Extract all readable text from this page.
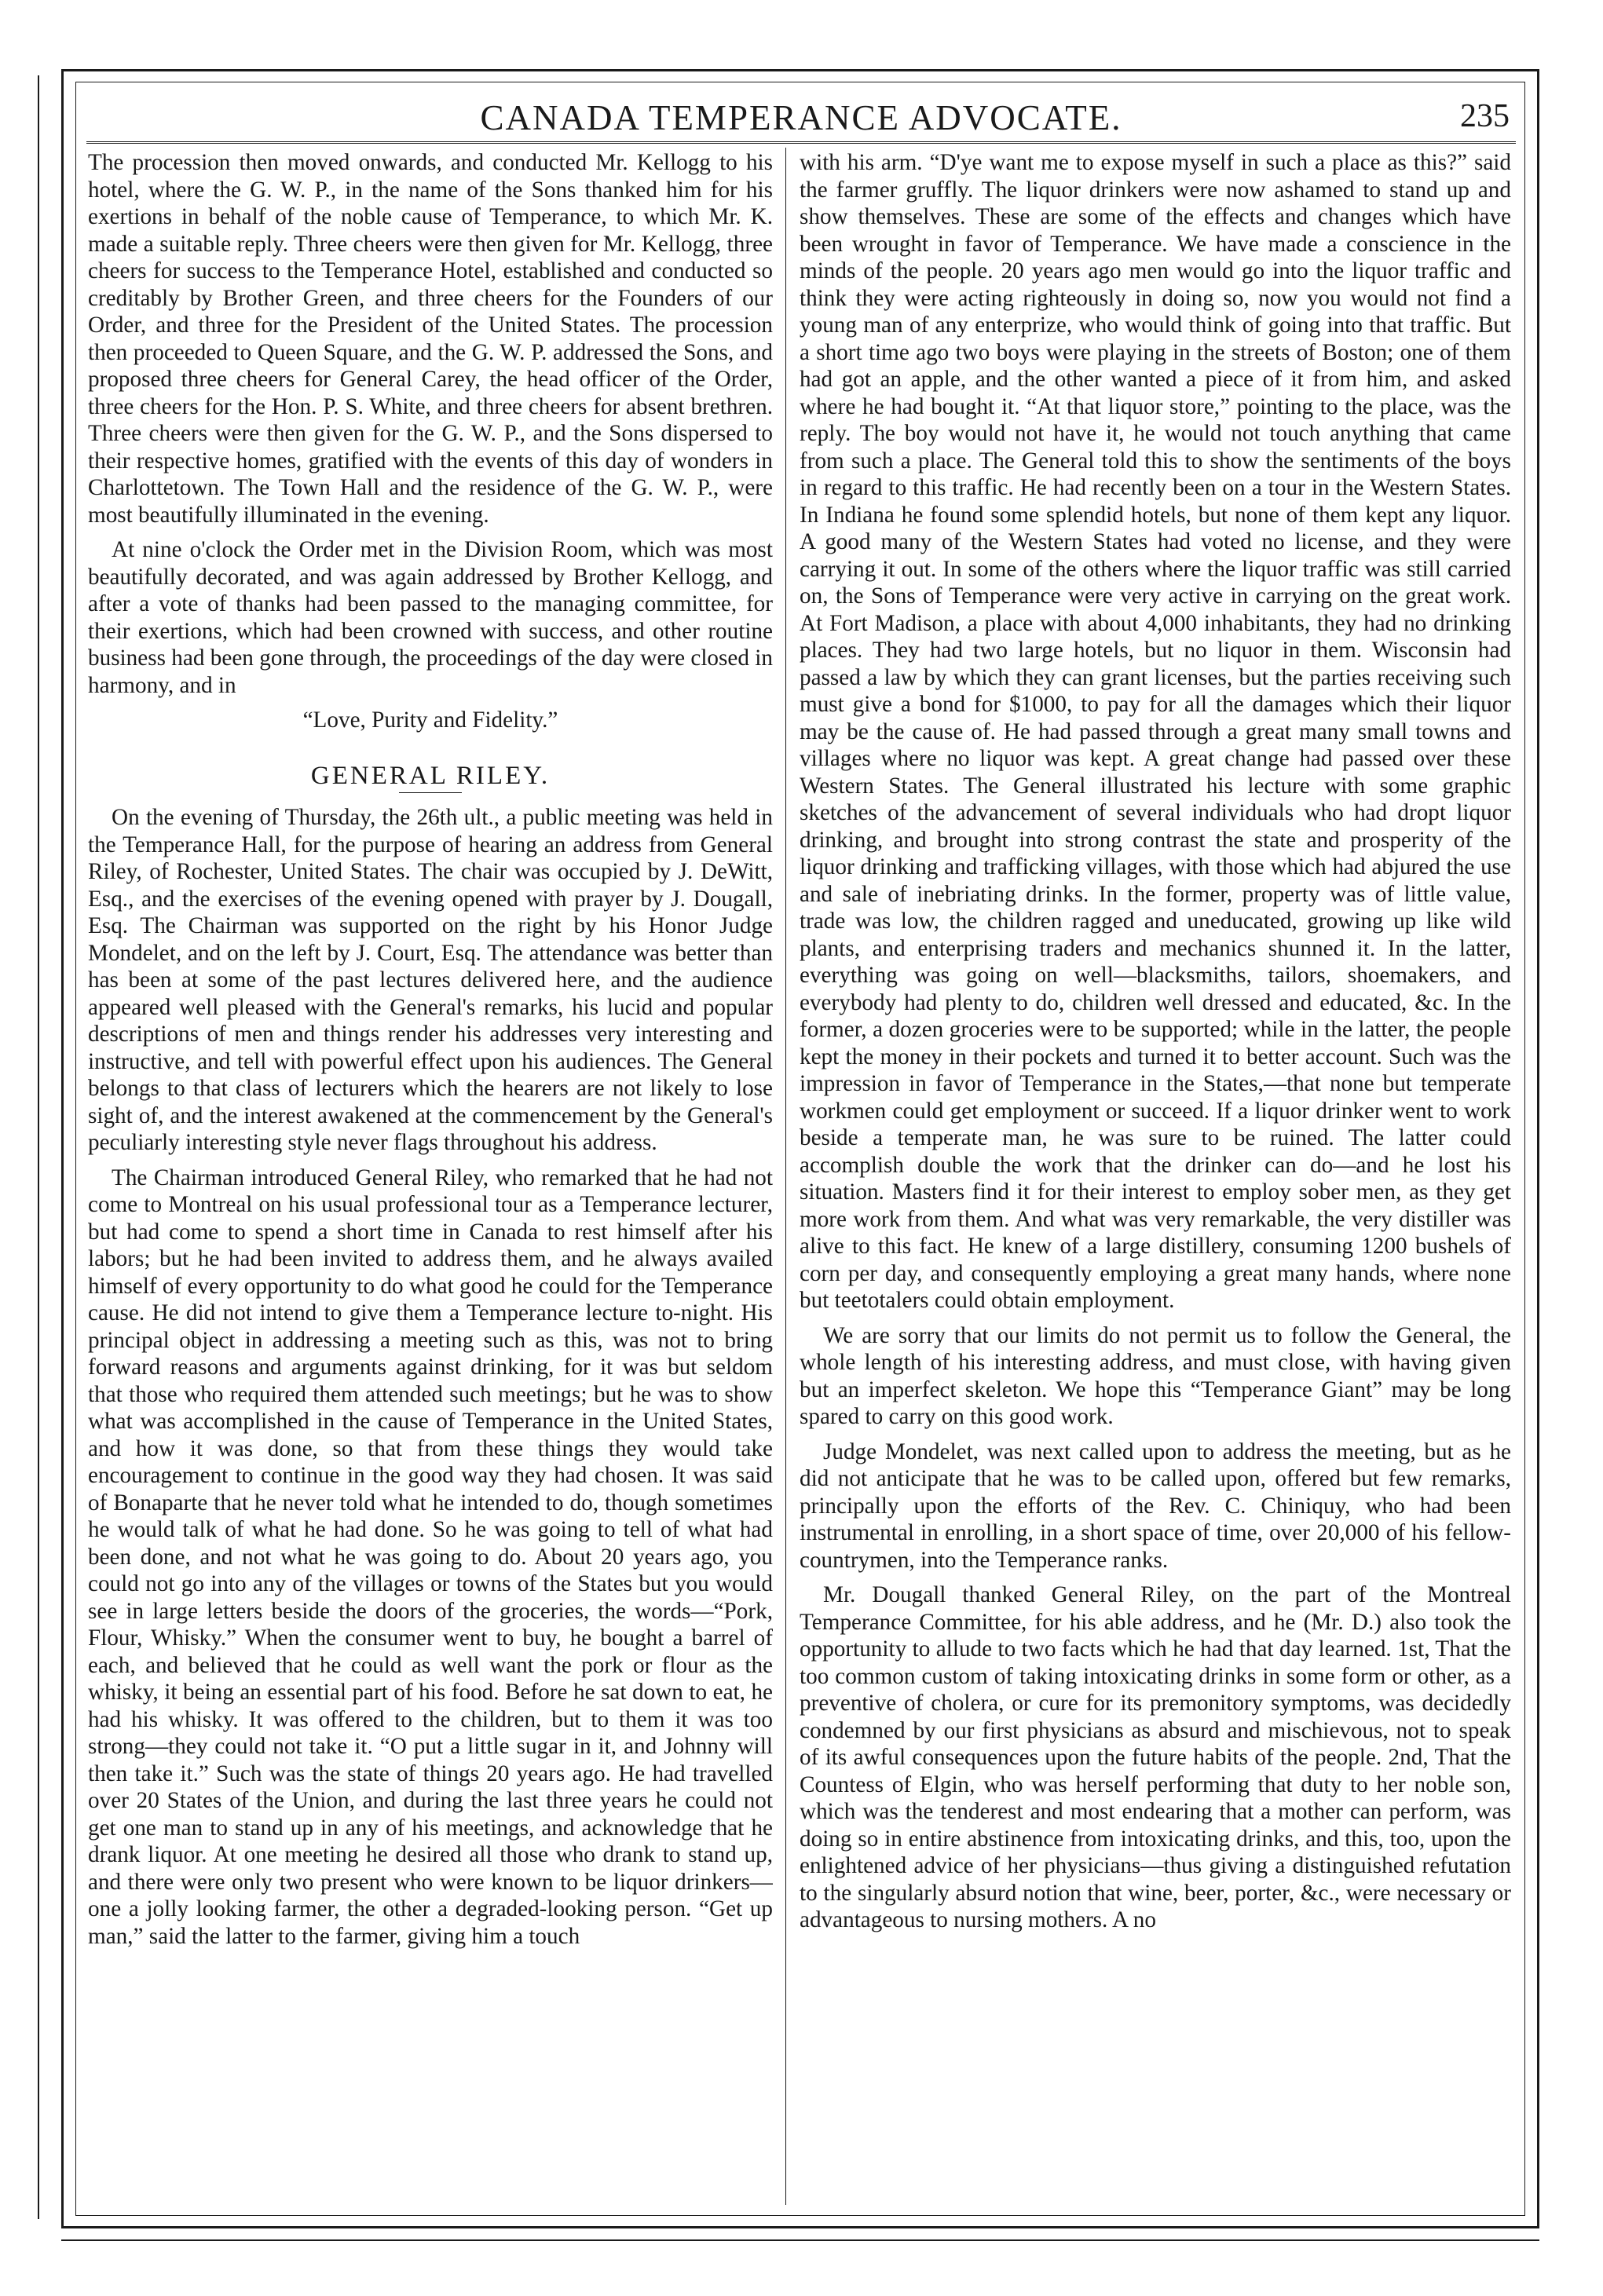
CANADA TEMPERANCE ADVOCATE.	235

The procession then moved onwards, and conducted Mr. Kellogg to his hotel, where the G. W. P., in the name of the Sons thanked him for his exertions in behalf of the noble cause of Temperance, to which Mr. K. made a suitable reply. Three cheers were then given for Mr. Kellogg, three cheers for success to the Temperance Hotel, established and conducted so creditably by Brother Green, and three cheers for the Founders of our Order, and three for the President of the United States. The procession then proceeded to Queen Square, and the G. W. P. addressed the Sons, and proposed three cheers for General Carey, the head officer of the Order, three cheers for the Hon. P. S. White, and three cheers for absent brethren. Three cheers were then given for the G. W. P., and the Sons dispersed to their respective homes, gratified with the events of this day of wonders in Charlottetown. The Town Hall and the residence of the G. W. P., were most beautifully illuminated in the evening.

At nine o'clock the Order met in the Division Room, which was most beautifully decorated, and was again addressed by Brother Kellogg, and after a vote of thanks had been passed to the managing committee, for their exertions, which had been crowned with success, and other routine business had been gone through, the proceedings of the day were closed in harmony, and in

“Love, Purity and Fidelity.”

GENERAL RILEY.

On the evening of Thursday, the 26th ult., a public meeting was held in the Temperance Hall, for the purpose of hearing an address from General Riley, of Rochester, United States. The chair was occupied by J. DeWitt, Esq., and the exercises of the evening opened with prayer by J. Dougall, Esq. The Chairman was supported on the right by his Honor Judge Mondelet, and on the left by J. Court, Esq. The attendance was better than has been at some of the past lectures delivered here, and the audience appeared well pleased with the General's remarks, his lucid and popular descriptions of men and things render his addresses very interesting and instructive, and tell with powerful effect upon his audiences. The General belongs to that class of lecturers which the hearers are not likely to lose sight of, and the interest awakened at the commencement by the General's peculiarly interesting style never flags throughout his address.

The Chairman introduced General Riley, who remarked that he had not come to Montreal on his usual professional tour as a Temperance lecturer, but had come to spend a short time in Canada to rest himself after his labors; but he had been invited to address them, and he always availed himself of every opportunity to do what good he could for the Temperance cause. He did not intend to give them a Temperance lecture to-night. His principal object in addressing a meeting such as this, was not to bring forward reasons and arguments against drinking, for it was but seldom that those who required them attended such meetings; but he was to show what was accomplished in the cause of Temperance in the United States, and how it was done, so that from these things they would take encouragement to continue in the good way they had chosen. It was said of Bonaparte that he never told what he intended to do, though sometimes he would talk of what he had done. So he was going to tell of what had been done, and not what he was going to do. About 20 years ago, you could not go into any of the villages or towns of the States but you would see in large letters beside the doors of the groceries, the words—“Pork, Flour, Whisky.” When the consumer went to buy, he bought a barrel of each, and believed that he could as well want the pork or flour as the whisky, it being an essential part of his food. Before he sat down to eat, he had his whisky. It was offered to the children, but to them it was too strong—they could not take it. “O put a little sugar in it, and Johnny will then take it.” Such was the state of things 20 years ago. He had travelled over 20 States of the Union, and during the last three years he could not get one man to stand up in any of his meetings, and acknowledge that he drank liquor. At one meeting he desired all those who drank to stand up, and there were only two present who were known to be liquor drinkers—one a jolly looking farmer, the other a degraded-looking person. “Get up man,” said the latter to the farmer, giving him a touch

with his arm. “D'ye want me to expose myself in such a place as this?” said the farmer gruffly. The liquor drinkers were now ashamed to stand up and show themselves. These are some of the effects and changes which have been wrought in favor of Temperance. We have made a conscience in the minds of the people. 20 years ago men would go into the liquor traffic and think they were acting righteously in doing so, now you would not find a young man of any enterprize, who would think of going into that traffic. But a short time ago two boys were playing in the streets of Boston; one of them had got an apple, and the other wanted a piece of it from him, and asked where he had bought it. “At that liquor store,” pointing to the place, was the reply. The boy would not have it, he would not touch anything that came from such a place. The General told this to show the sentiments of the boys in regard to this traffic. He had recently been on a tour in the Western States. In Indiana he found some splendid hotels, but none of them kept any liquor. A good many of the Western States had voted no license, and they were carrying it out. In some of the others where the liquor traffic was still carried on, the Sons of Temperance were very active in carrying on the great work. At Fort Madison, a place with about 4,000 inhabitants, they had no drinking places. They had two large hotels, but no liquor in them. Wisconsin had passed a law by which they can grant licenses, but the parties receiving such must give a bond for $1000, to pay for all the damages which their liquor may be the cause of. He had passed through a great many small towns and villages where no liquor was kept. A great change had passed over these Western States. The General illustrated his lecture with some graphic sketches of the advancement of several individuals who had dropt liquor drinking, and brought into strong contrast the state and prosperity of the liquor drinking and trafficking villages, with those which had abjured the use and sale of inebriating drinks. In the former, property was of little value, trade was low, the children ragged and uneducated, growing up like wild plants, and enterprising traders and mechanics shunned it. In the latter, everything was going on well—blacksmiths, tailors, shoemakers, and everybody had plenty to do, children well dressed and educated, &c. In the former, a dozen groceries were to be supported; while in the latter, the people kept the money in their pockets and turned it to better account. Such was the impression in favor of Temperance in the States,—that none but temperate workmen could get employment or succeed. If a liquor drinker went to work beside a temperate man, he was sure to be ruined. The latter could accomplish double the work that the drinker can do—and he lost his situation. Masters find it for their interest to employ sober men, as they get more work from them. And what was very remarkable, the very distiller was alive to this fact. He knew of a large distillery, consuming 1200 bushels of corn per day, and consequently employing a great many hands, where none but teetotalers could obtain employment.

We are sorry that our limits do not permit us to follow the General, the whole length of his interesting address, and must close, with having given but an imperfect skeleton. We hope this “Temperance Giant” may be long spared to carry on this good work.

Judge Mondelet, was next called upon to address the meeting, but as he did not anticipate that he was to be called upon, offered but few remarks, principally upon the efforts of the Rev. C. Chiniquy, who had been instrumental in enrolling, in a short space of time, over 20,000 of his fellow-countrymen, into the Temperance ranks.

Mr. Dougall thanked General Riley, on the part of the Montreal Temperance Committee, for his able address, and he (Mr. D.) also took the opportunity to allude to two facts which he had that day learned. 1st, That the too common custom of taking intoxicating drinks in some form or other, as a preventive of cholera, or cure for its premonitory symptoms, was decidedly condemned by our first physicians as absurd and mischievous, not to speak of its awful consequences upon the future habits of the people. 2nd, That the Countess of Elgin, who was herself performing that duty to her noble son, which was the tenderest and most endearing that a mother can perform, was doing so in entire abstinence from intoxicating drinks, and this, too, upon the enlightened advice of her physicians—thus giving a distinguished refutation to the singularly absurd notion that wine, beer, porter, &c., were necessary or advantageous to nursing mothers. A no
